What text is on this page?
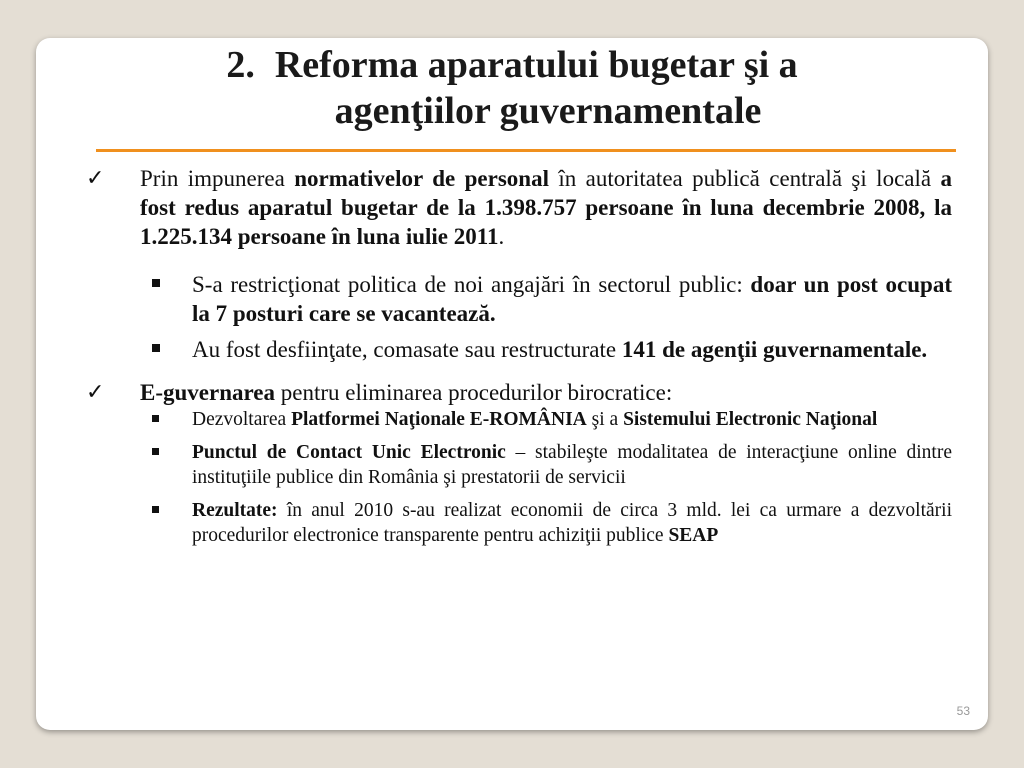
2. Reforma aparatului bugetar şi a
agenţiilor guvernamentale
✓ Prin impunerea normativelor de personal în autoritatea publică centrală şi locală a fost redus aparatul bugetar de la 1.398.757 persoane în luna decembrie 2008, la 1.225.134 persoane în luna iulie 2011.
S-a restricţionat politica de noi angajări în sectorul public: doar un post ocupat la 7 posturi care se vacantează.
Au fost desfiinţate, comasate sau restructurate 141 de agenţii guvernamentale.
✓ E-guvernarea pentru eliminarea procedurilor birocratice:
Dezvoltarea Platformei Naţionale E-ROMÂNIA şi a Sistemului Electronic Naţional
Punctul de Contact Unic Electronic – stabileşte modalitatea de interacţiune online dintre instituţiile publice din România şi prestatorii de servicii
Rezultate: în anul 2010 s-au realizat economii de circa 3 mld. lei ca urmare a dezvoltării procedurilor electronice transparente pentru achiziţii publice SEAP
53
